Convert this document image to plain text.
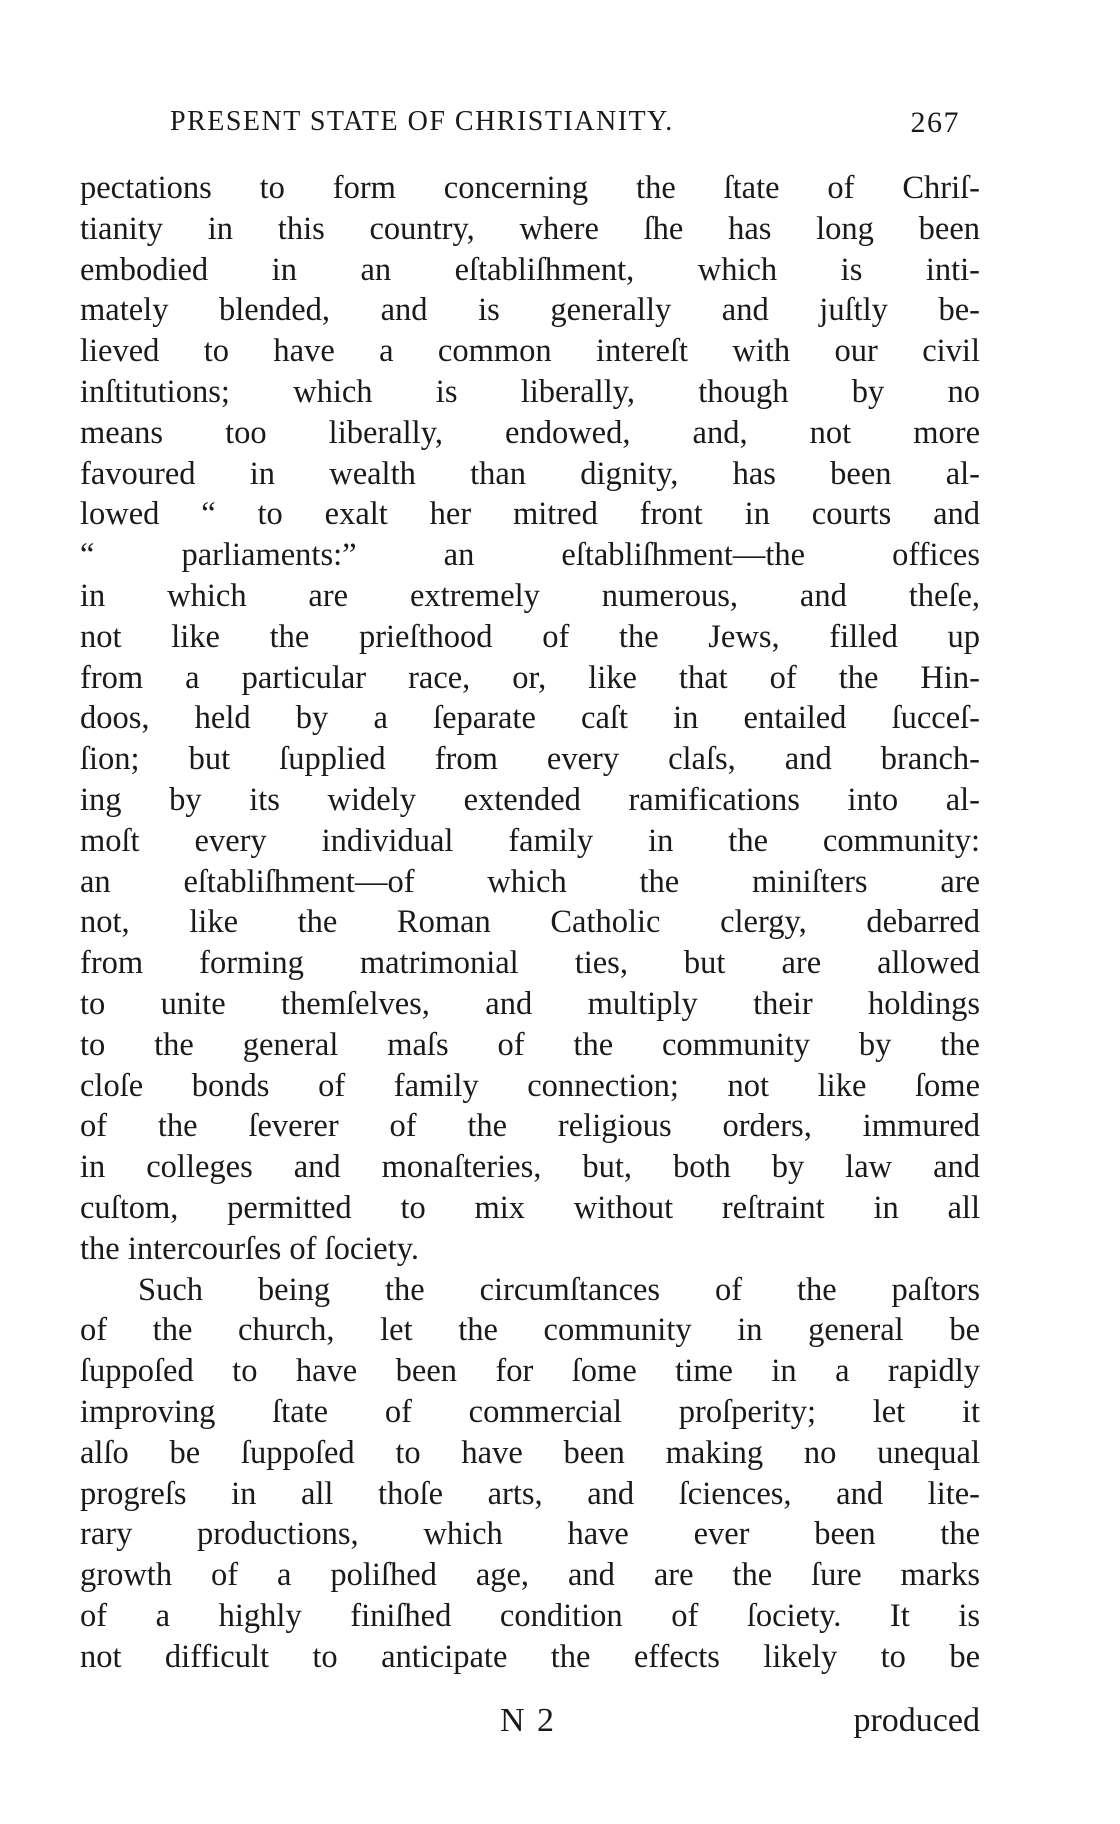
PRESENT STATE OF CHRISTIANITY.	267
pectations to form concerning the ſtate of Chriſ-
tianity in this country, where ſhe has long been
embodied in an eſtabliſhment, which is inti-
mately blended, and is generally and juſtly be-
lieved to have a common intereſt with our civil
inſtitutions; which is liberally, though by no
means too liberally, endowed, and, not more
favoured in wealth than dignity, has been al-
lowed “ to exalt her mitred front in courts and
“ parliaments:” an eſtabliſhment—the offices
in which are extremely numerous, and theſe,
not like the prieſthood of the Jews, filled up
from a particular race, or, like that of the Hin-
doos, held by a ſeparate caſt in entailed ſucceſ-
ſion; but ſupplied from every claſs, and branch-
ing by its widely extended ramifications into al-
moſt every individual family in the community:
an eſtabliſhment—of which the miniſters are
not, like the Roman Catholic clergy, debarred
from forming matrimonial ties, but are allowed
to unite themſelves, and multiply their holdings
to the general maſs of the community by the
cloſe bonds of family connection; not like ſome
of the ſeverer of the religious orders, immured
in colleges and monaſteries, but, both by law and
cuſtom, permitted to mix without reſtraint in all
the intercourſes of ſociety.
Such being the circumſtances of the paſtors
of the church, let the community in general be
ſuppoſed to have been for ſome time in a rapidly
improving ſtate of commercial proſperity; let it
alſo be ſuppoſed to have been making no unequal
progreſs in all thoſe arts, and ſciences, and lite-
rary productions, which have ever been the
growth of a poliſhed age, and are the ſure marks
of a highly finiſhed condition of ſociety. It is
not difficult to anticipate the effects likely to be
N 2	produced
